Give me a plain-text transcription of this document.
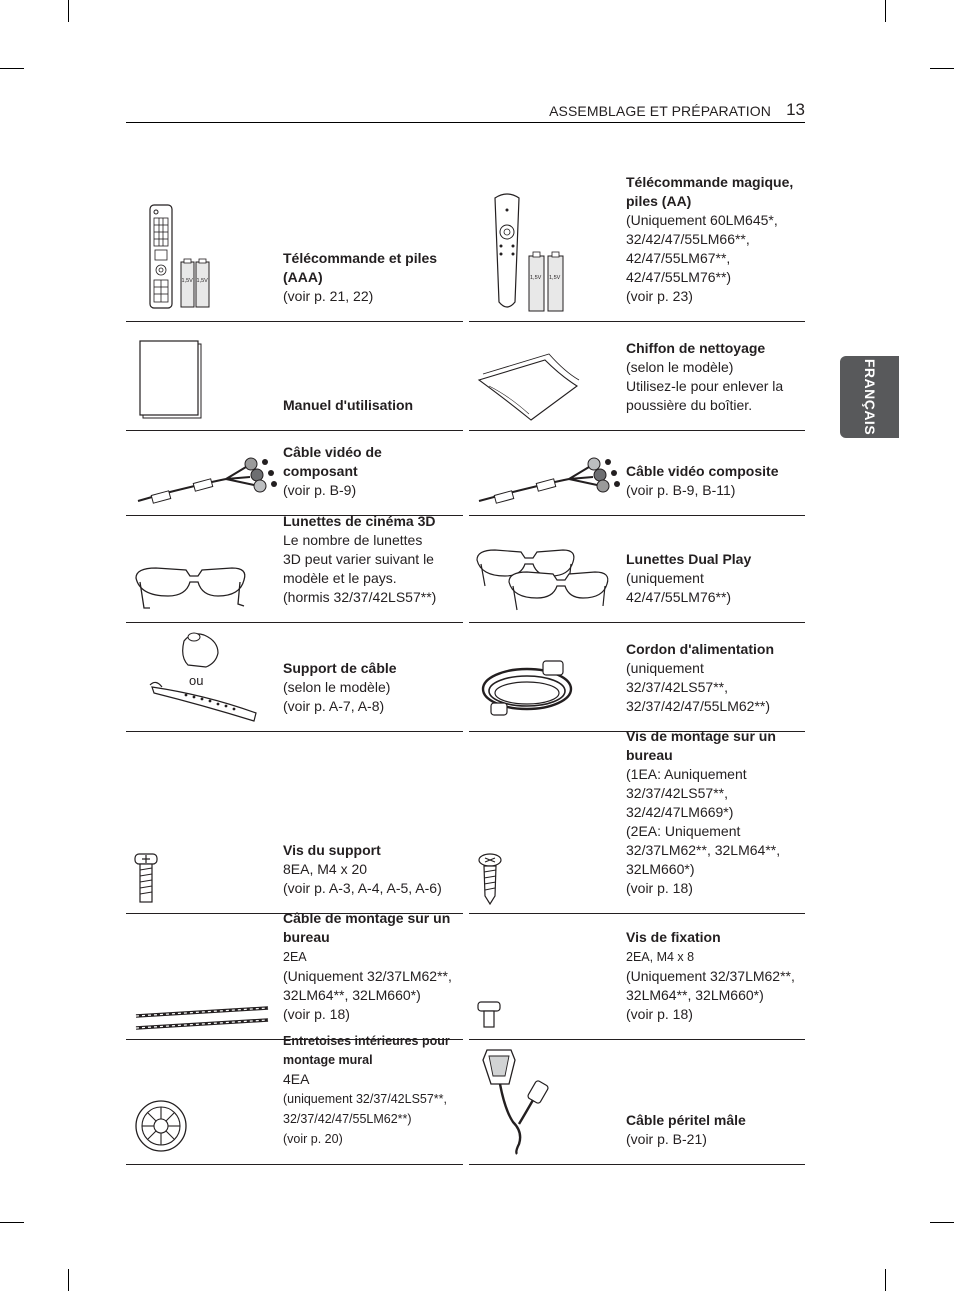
ASSEMBLAGE ET PRÉPARATION 13
FRANÇAIS
1,5V 1,5V
Télécommande et piles (AAA)
(voir p. 21, 22)
1,5V 1,5V
Télécommande magique, piles (AA)
(Uniquement 60LM645*,
32/42/47/55LM66**,
42/47/55LM67**,
42/47/55LM76**)
(voir p. 23)
Manuel d'utilisation
Chiffon de nettoyage
(selon le modèle)
Utilisez-le pour enlever la
poussière du boîtier.
Câble vidéo de composant
(voir p. B-9)
Câble vidéo composite
(voir p. B-9, B-11)
Lunettes de cinéma 3D
Le nombre de lunettes
3D peut varier suivant le
modèle et le pays.
(hormis 32/37/42LS57**)
Lunettes Dual Play
(uniquement
42/47/55LM76**)
ou
Support de câble
(selon le modèle)
(voir p. A-7, A-8)
Cordon d'alimentation
(uniquement
32/37/42LS57**,
32/37/42/47/55LM62**)
Vis du support
8EA, M4 x 20
(voir p. A-3, A-4, A-5, A-6)
Vis de montage sur un bureau
(1EA: Auniquement
32/37/42LS57**,
32/42/47LM669*)
(2EA: Uniquement
32/37LM62**, 32LM64**,
32LM660*)
(voir p. 18)
Câble de montage sur un bureau
2EA
(Uniquement 32/37LM62**,
32LM64**, 32LM660*)
(voir p. 18)
Vis de fixation
2EA, M4 x 8
(Uniquement 32/37LM62**,
32LM64**, 32LM660*)
(voir p. 18)
Entretoises intérieures pour montage mural
4EA
(uniquement 32/37/42LS57**,
32/37/42/47/55LM62**)
(voir p. 20)
Câble péritel mâle
(voir p. B-21)
